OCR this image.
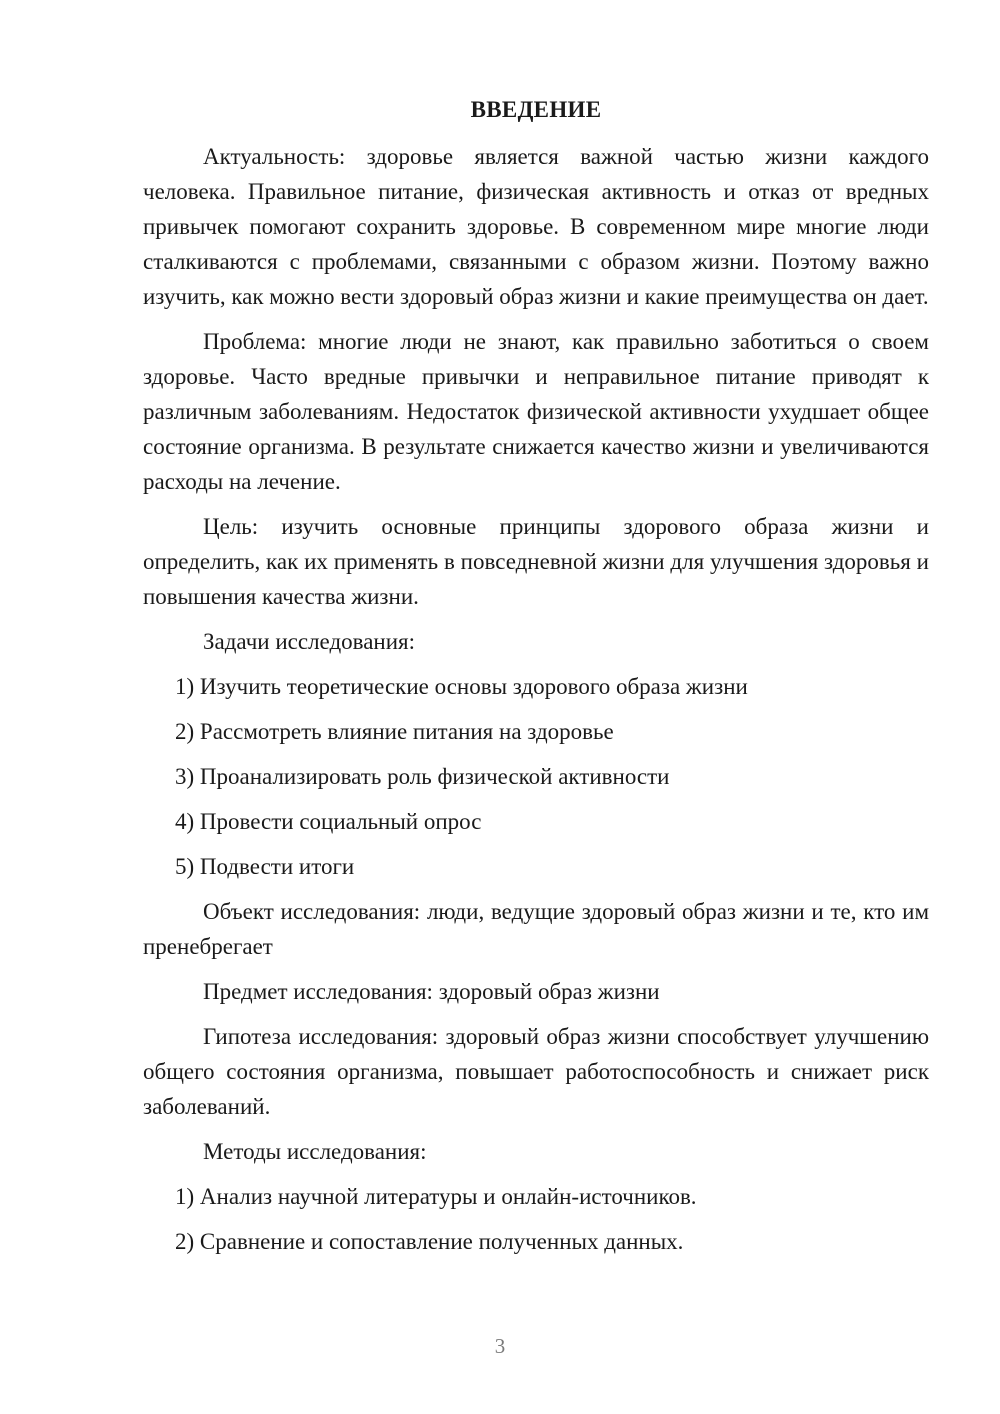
ВВЕДЕНИЕ

Актуальность: здоровье является важной частью жизни каждого человека. Правильное питание, физическая активность и отказ от вредных привычек помогают сохранить здоровье. В современном мире многие люди сталкиваются с проблемами, связанными с образом жизни. Поэтому важно изучить, как можно вести здоровый образ жизни и какие преимущества он дает.

Проблема: многие люди не знают, как правильно заботиться о своем здоровье. Часто вредные привычки и неправильное питание приводят к различным заболеваниям. Недостаток физической активности ухудшает общее состояние организма. В результате снижается качество жизни и увеличиваются расходы на лечение.

Цель: изучить основные принципы здорового образа жизни и определить, как их применять в повседневной жизни для улучшения здоровья и повышения качества жизни.

Задачи исследования:

1) Изучить теоретические основы здорового образа жизни

2) Рассмотреть влияние питания на здоровье

3) Проанализировать роль физической активности

4) Провести социальный опрос

5) Подвести итоги

Объект исследования: люди, ведущие здоровый образ жизни и те, кто им пренебрегает

Предмет исследования: здоровый образ жизни

Гипотеза исследования: здоровый образ жизни способствует улучшению общего состояния организма, повышает работоспособность и снижает риск заболеваний.

Методы исследования:

1) Анализ научной литературы и онлайн-источников.

2) Сравнение и сопоставление полученных данных.

3
